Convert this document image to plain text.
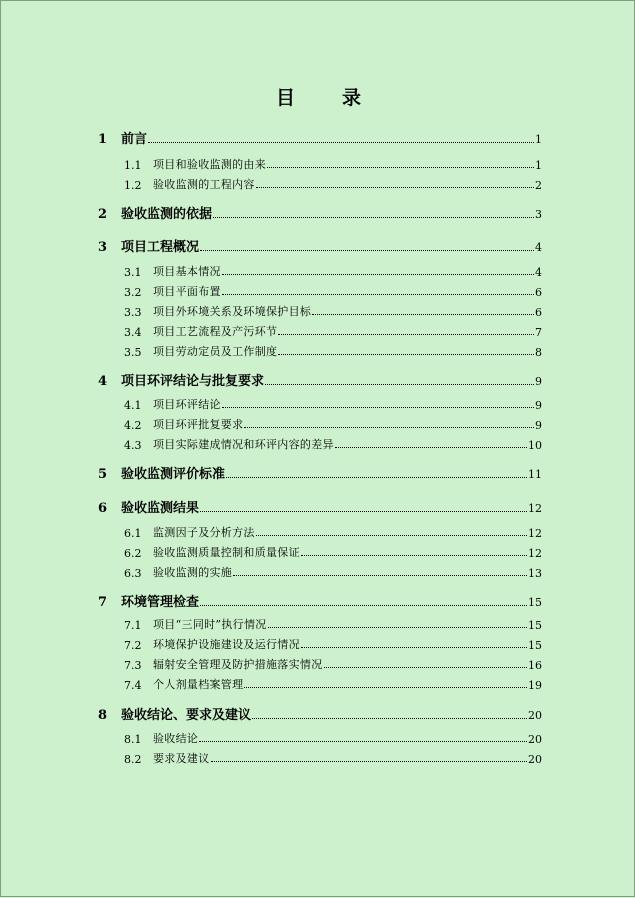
目　录
1	前言	1
1.1	项目和验收监测的由来	1
1.2	验收监测的工程内容	2
2	验收监测的依据	3
3	项目工程概况	4
3.1	项目基本情况	4
3.2	项目平面布置	6
3.3	项目外环境关系及环境保护目标	6
3.4	项目工艺流程及产污环节	7
3.5	项目劳动定员及工作制度	8
4	项目环评结论与批复要求	9
4.1	项目环评结论	9
4.2	项目环评批复要求	9
4.3	项目实际建成情况和环评内容的差异	10
5	验收监测评价标准	11
6	验收监测结果	12
6.1	监测因子及分析方法	12
6.2	验收监测质量控制和质量保证	12
6.3	验收监测的实施	13
7	环境管理检查	15
7.1	项目“三同时”执行情况	15
7.2	环境保护设施建设及运行情况	15
7.3	辐射安全管理及防护措施落实情况	16
7.4	个人剂量档案管理	19
8	验收结论、要求及建议	20
8.1	验收结论	20
8.2	要求及建议	20
